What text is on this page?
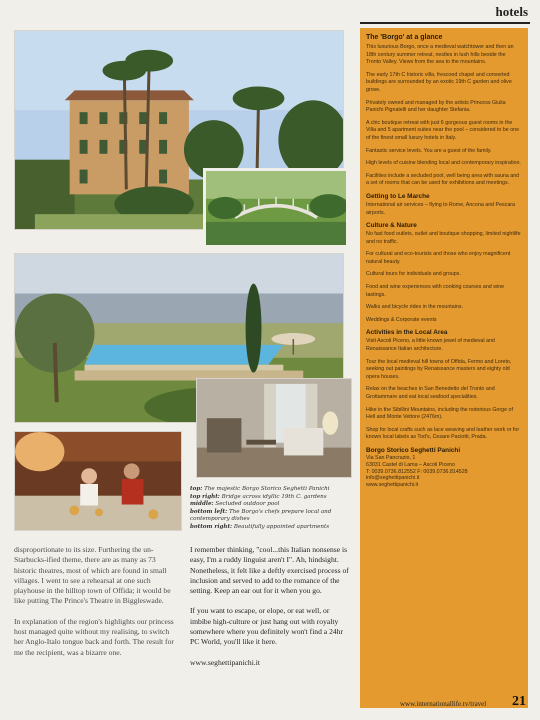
hotels
top: The majestic Borgo Storico Seghetti Panichi
top right: Bridge across idyllic 19th C. gardens
middle: Secluded outdoor pool
bottom left: The Borgo's chefs prepare local and contemporary dishes
bottom right: Beautifully appointed apartments

disproportionate to its size. Furthering the un-Starbucks-ified theme, there are as many as 73 historic theatres, most of which are found in small villages. I went to see a rehearsal at one such playhouse in the hilltop town of Offida; it would be like putting The Prince's Theatre in Biggleswade.

In explanation of the region's highlights our princess host managed quite without my realising, to switch her Anglo-Italo tongue back and forth. The result for me the recipient, was a bizarre one.

I remember thinking, "cool...this Italian nonsense is easy, I'm a ruddy linguist aren't I". Ah, hindsight. Nonetheless, it felt like a deftly exercised process of inclusion and served to add to the romance of the setting. Keep an ear out for it when you go.

If you want to escape, or elope, or eat well, or imbibe high-culture or just hang out with royalty somewhere where you definitely won't find a 24hr PC World, you'll like it here.

www.seghettipanichi.it

The 'Borgo' at a glance

This luxurious Borgo, once a medieval watchtower and then an 18th century summer retreat, nestles in lush hills beside the Tronto Valley. Views from the sea to the mountains.

The early 17th C historic villa, frescoed chapel and converted buildings are surrounded by an exotic 19th C garden and olive grove.

Privately owned and managed by the artists Princess Giulia Panichi Pignatelli and her daughter Stefania.

A chic boutique retreat with just 6 gorgeous guest rooms in the Villa and 5 apartment suites near the pool – considered to be one of the finest small luxury hotels in Italy.

Fantastic service levels. You are a guest of the family.

High levels of cuisine blending local and contemporary inspiration.

Facilities include a secluded pool, well being area with sauna and a set of rooms that can be used for exhibitions and meetings.

Getting to Le Marche

International air services – flying to Rome, Ancona and Pescara airports.

Culture & Nature

No fast food outlets, outlet and boutique shopping, limited nightlife and no traffic.

For cultural and eco-tourists and those who enjoy magnificent natural beauty.

Cultural tours for individuals and groups.

Food and wine experiences with cooking courses and wine tastings.

Walks and bicycle rides in the mountains.

Weddings & Corporate events

Activities in the Local Area

Visit Ascoli Piceno, a little known jewel of medieval and Renaissance Italian architecture.

Tour the local medieval hill towns of Offida, Fermo and Loreto, seeking out paintings by Renaissance masters and eighty old opera houses.

Relax on the beaches in San Benedetto del Tronto and Grottammare and eat local seafood specialities.

Hike in the Sibillini Mountains, including the notorious Gorge of Hell and Monte Vettore (2476m).

Shop for local crafts such as lace weaving and leather work or for known local labels as Tod's, Cesare Paciotti, Prada.

Borgo Storico Seghetti Panichi
Via San Pancrazio, 1
63031 Castel di Lama – Ascoli Piceno
T: 0039.0736.812552 F: 0039.0736.814528
info@seghettipanichi.it
www.seghettipanichi.it
www.internationallife.tv/travel 21
